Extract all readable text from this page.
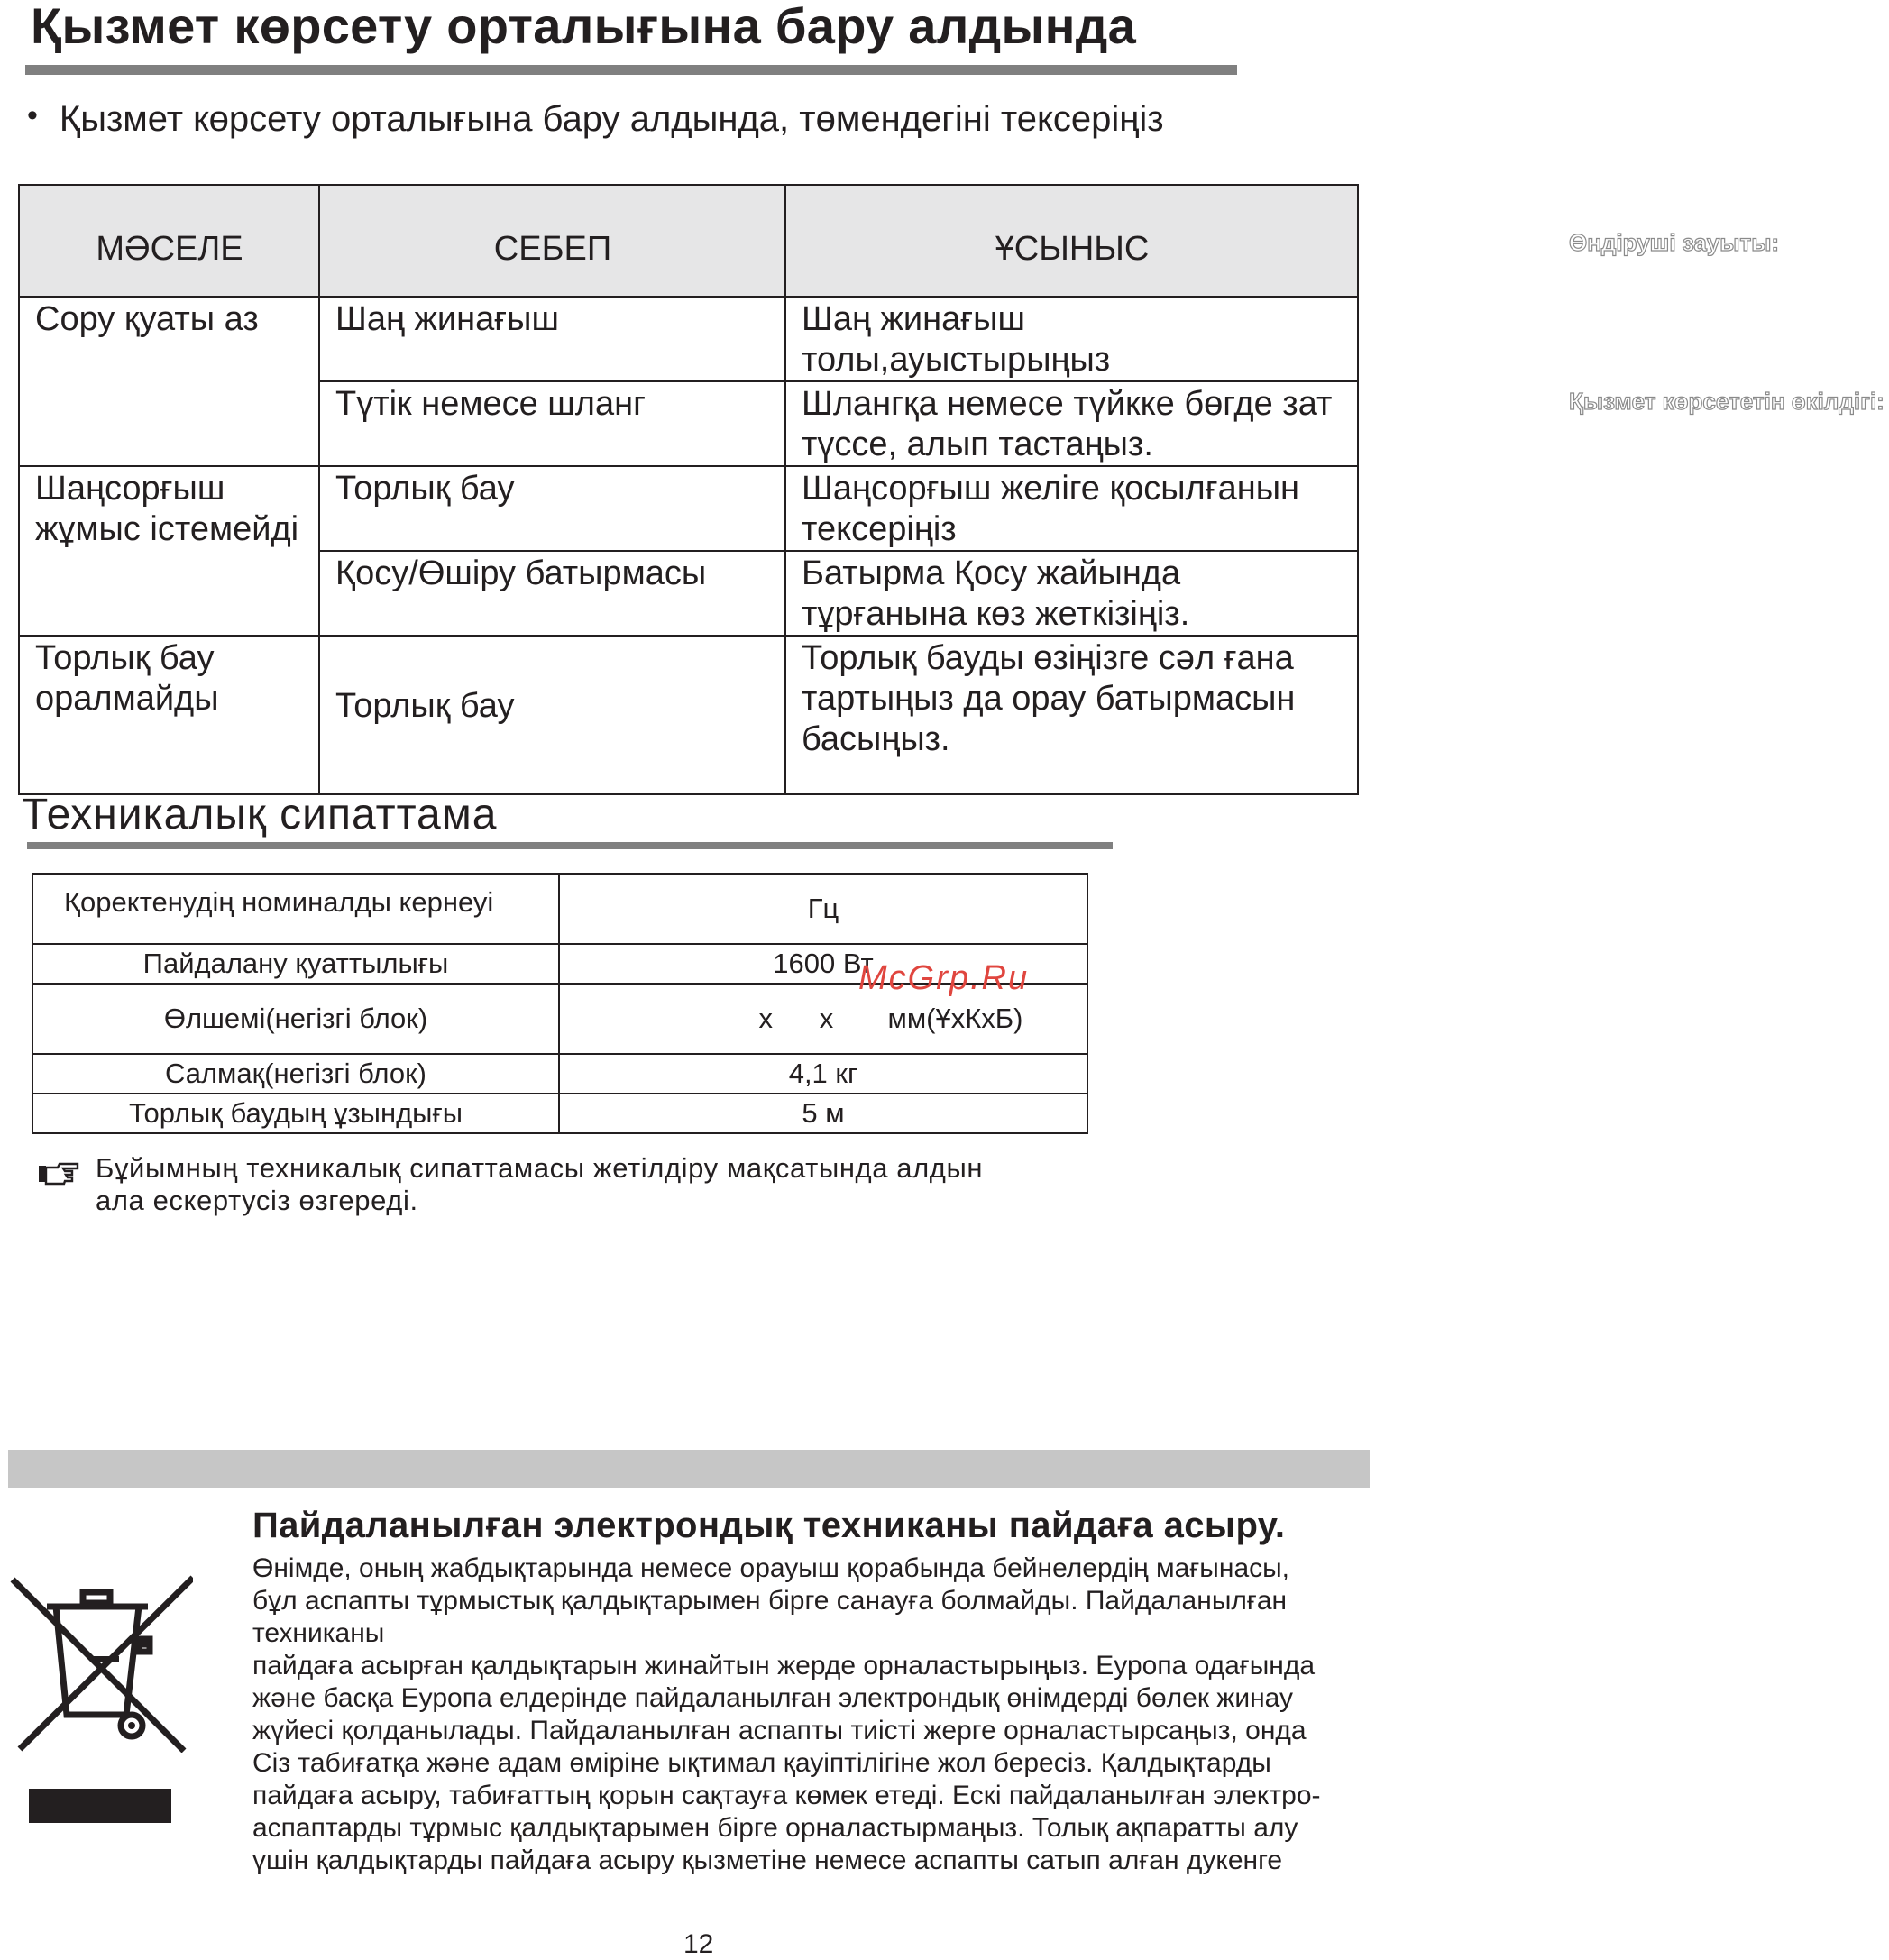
Қызмет көрсету орталығына бару алдында
• Қызмет көрсету орталығына бару алдында, төмендегіні тексеріңіз
МӘСЕЛЕ	СЕБЕП	ҰСЫНЫС
Сору қуаты аз	Шаң жинағыш	Шаң жинағыш толы,ауыстырыңыз
	Түтік немесе шланг	Шлангқа немесе түйкке бөгде зат түссе, алып тастаңыз.
Шаңсорғыш жұмыс істемейді	Торлық бау	Шаңсорғыш желіге қосылғанын тексеріңіз
	Қосу/Өшіру батырмасы	Батырма Қосу жайында тұрғанына көз жеткізіңіз.
Торлық бау оралмайды	Торлық бау	Торлық бауды өзіңізге сәл ғана тартыңыз да орау батырмасын басыңыз.
Өндіруші зауыты:
Қызмет көрсететін өкілдігі:
Техникалық сипаттама
Қоректенудің номиналды кернеуі	Гц
Пайдалану қуаттылығы	1600 Вт
Өлшемі(негізгі блок)	х      х       мм(ҰхКхБ)
Салмақ(негізгі блок)	4,1 кг
Торлық баудың ұзындығы	5 м
McGrp.Ru
Бұйымның техникалық сипаттамасы жетілдіру мақсатында алдын
ала ескертусіз өзгереді.
Пайдаланылған электрондық техниканы пайдаға асыру.
Өнімде, оның жабдықтарында немесе орауыш қорабында бейнелердің мағынасы,
бұл аспапты тұрмыстық қалдықтарымен бірге санауға болмайды. Пайдаланылған
техниканы
пайдаға асырған қалдықтарын жинайтын жерде орналастырыңыз. Еуропа одағында
және басқа Еуропа елдерінде пайдаланылған электрондық өнімдерді бөлек жинау
жүйесі қолданылады. Пайдаланылған аспапты тиісті жерге орналастырсаңыз, онда
Сіз табиғатқа және адам өміріне ықтимал қауіптілігіне жол бересіз. Қалдықтарды
пайдаға асыру, табиғаттың қорын сақтауға көмек етеді. Ескі пайдаланылған электро-
аспаптарды тұрмыс қалдықтарымен бірге орналастырмаңыз. Толық ақпаратты алу
үшін қалдықтарды пайдаға асыру қызметіне немесе аспапты сатып алған дукенге
12
